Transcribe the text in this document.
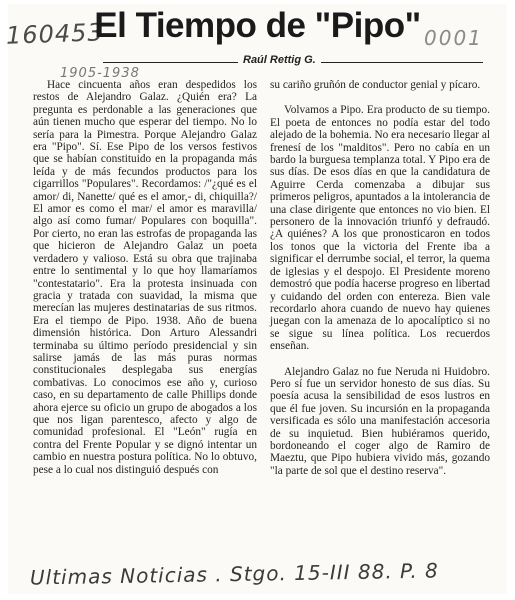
160453
1905-1938
0001
El Tiempo de "Pipo"
Raúl Rettig G.

Hace cincuenta años eran despedidos los restos de Alejandro Galaz. ¿Quién era? La pregunta es perdonable a las generaciones que aún tienen mucho que esperar del tiempo. No lo sería para la Pimestra. Porque Alejandro Galaz era "Pipo". Sí. Ese Pipo de los versos festivos que se habían constituido en la propaganda más leída y de más fecundos productos para los cigarrillos "Populares". Recordamos: /"¿qué es el amor/ di, Nanette/ qué es el amor,- di, chiquilla?/ El amor es como el mar/ el amor es maravilla/ algo así como fumar/ Populares con boquilla". Por cierto, no eran las estrofas de propaganda las que hicieron de Alejandro Galaz un poeta verdadero y valioso. Está su obra que trajinaba entre lo sentimental y lo que hoy llamaríamos "contestatario". Era la protesta insinuada con gracia y tratada con suavidad, la misma que merecían las mujeres destinatarias de sus ritmos. Era el tiempo de Pipo. 1938. Año de buena dimensión histórica. Don Arturo Alessandri terminaba su último período presidencial y sin salirse jamás de las más puras normas constitucionales desplegaba sus energías combativas. Lo conocimos ese año y, curioso caso, en su departamento de calle Phillips donde ahora ejerce su oficio un grupo de abogados a los que nos ligan parentesco, afecto y algo de comunidad profesional. El "León" rugía en contra del Frente Popular y se dignó intentar un cambio en nuestra postura política. No lo obtuvo, pese a lo cual nos distinguió después con

su cariño gruñón de conductor genial y pícaro.

Volvamos a Pipo. Era producto de su tiempo. El poeta de entonces no podía estar del todo alejado de la bohemia. No era necesario llegar al frenesí de los "malditos". Pero no cabía en un bardo la burguesa templanza total. Y Pipo era de sus días. De esos días en que la candidatura de Aguirre Cerda comenzaba a dibujar sus primeros peligros, apuntados a la intolerancia de una clase dirigente que entonces no vio bien. El personero de la innovación triunfó y defraudó. ¿A quiénes? A los que pronosticaron en todos los tonos que la victoria del Frente iba a significar el derrumbe social, el terror, la quema de iglesias y el despojo. El Presidente moreno demostró que podía hacerse progreso en libertad y cuidando del orden con entereza. Bien vale recordarlo ahora cuando de nuevo hay quienes juegan con la amenaza de lo apocalíptico si no se sigue su línea política. Los recuerdos enseñan.

Alejandro Galaz no fue Neruda ni Huidobro. Pero sí fue un servidor honesto de sus días. Su poesía acusa la sensibilidad de esos lustros en que él fue joven. Su incursión en la propaganda versificada es sólo una manifestación accesoria de su inquietud. Bien hubiéramos querido, bordoneando el coger algo de Ramiro de Maeztu, que Pipo hubiera vivido más, gozando "la parte de sol que el destino reserva".

Ultimas Noticias . Stgo. 15-III 88. P. 8
